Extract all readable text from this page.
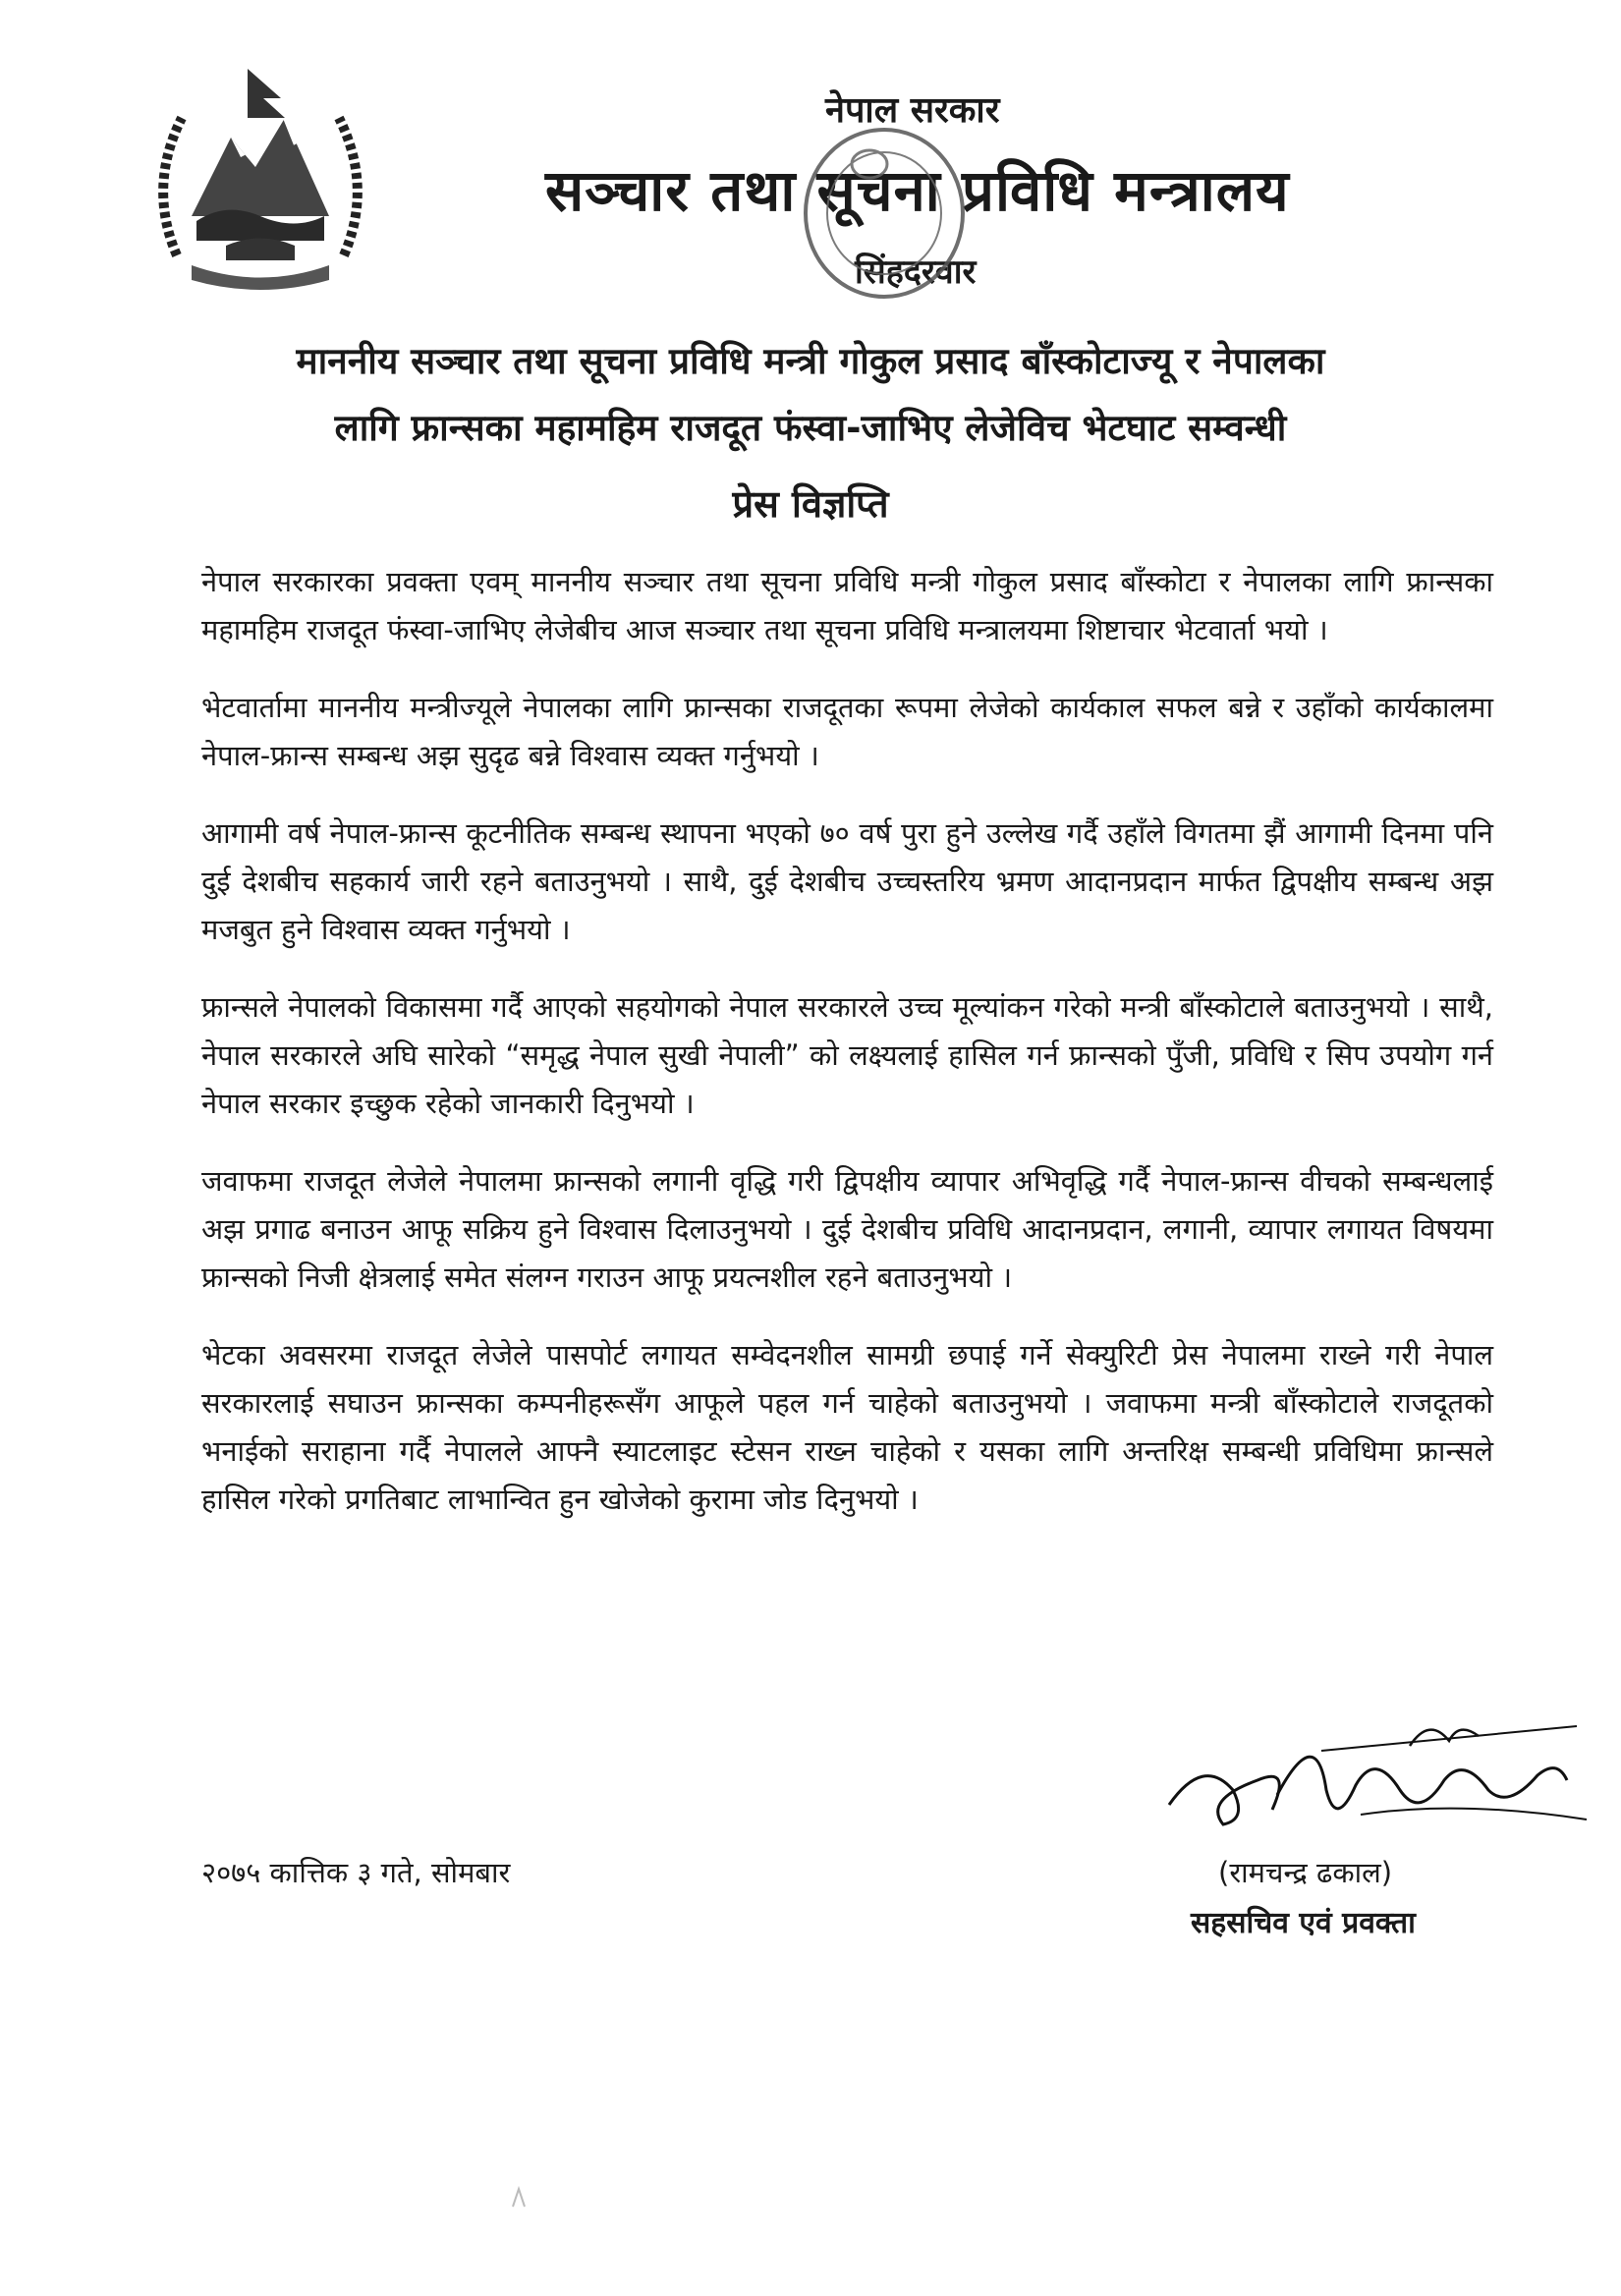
नेपाल सरकार
सञ्चार तथा सूचना प्रविधि मन्त्रालय
सिंहदरवार
माननीय सञ्चार तथा सूचना प्रविधि मन्त्री गोकुल प्रसाद बाँस्कोटाज्यू र नेपालका
लागि फ्रान्सका महामहिम राजदूत फंस्वा-जाभिए लेजेविच भेटघाट सम्वन्धी
प्रेस विज्ञप्ति

नेपाल सरकारका प्रवक्ता एवम् माननीय सञ्चार तथा सूचना प्रविधि मन्त्री गोकुल प्रसाद बाँस्कोटा र नेपालका लागि फ्रान्सका महामहिम राजदूत फंस्वा-जाभिए लेजेबीच आज सञ्चार तथा सूचना प्रविधि मन्त्रालयमा शिष्टाचार भेटवार्ता भयो ।

भेटवार्तामा माननीय मन्त्रीज्यूले नेपालका लागि फ्रान्सका राजदूतका रूपमा लेजेको कार्यकाल सफल बन्ने र उहाँको कार्यकालमा नेपाल-फ्रान्स सम्बन्ध अझ सुदृढ बन्ने विश्वास व्यक्त गर्नुभयो ।

आगामी वर्ष नेपाल-फ्रान्स कूटनीतिक सम्बन्ध स्थापना भएको ७० वर्ष पुरा हुने उल्लेख गर्दै उहाँले विगतमा झैं आगामी दिनमा पनि दुई देशबीच सहकार्य जारी रहने बताउनुभयो । साथै, दुई देशबीच उच्चस्तरिय भ्रमण आदानप्रदान मार्फत द्विपक्षीय सम्बन्ध अझ मजबुत हुने विश्वास व्यक्त गर्नुभयो ।

फ्रान्सले नेपालको विकासमा गर्दै आएको सहयोगको नेपाल सरकारले उच्च मूल्यांकन गरेको मन्त्री बाँस्कोटाले बताउनुभयो । साथै, नेपाल सरकारले अघि सारेको “समृद्ध नेपाल सुखी नेपाली” को लक्ष्यलाई हासिल गर्न फ्रान्सको पुँजी, प्रविधि र सिप उपयोग गर्न नेपाल सरकार इच्छुक रहेको जानकारी दिनुभयो ।

जवाफमा राजदूत लेजेले नेपालमा फ्रान्सको लगानी वृद्धि गरी द्विपक्षीय व्यापार अभिवृद्धि गर्दै नेपाल-फ्रान्स वीचको सम्बन्धलाई अझ प्रगाढ बनाउन आफू सक्रिय हुने विश्वास दिलाउनुभयो । दुई देशबीच प्रविधि आदानप्रदान, लगानी, व्यापार लगायत विषयमा फ्रान्सको निजी क्षेत्रलाई समेत संलग्न गराउन आफू प्रयत्नशील रहने बताउनुभयो ।

भेटका अवसरमा राजदूत लेजेले पासपोर्ट लगायत सम्वेदनशील सामग्री छपाई गर्ने सेक्युरिटी प्रेस नेपालमा राख्ने गरी नेपाल सरकारलाई सघाउन फ्रान्सका कम्पनीहरूसँग आफूले पहल गर्न चाहेको बताउनुभयो । जवाफमा मन्त्री बाँस्कोटाले राजदूतको भनाईको सराहाना गर्दै नेपालले आफ्नै स्याटलाइट स्टेसन राख्न चाहेको र यसका लागि अन्तरिक्ष सम्बन्धी प्रविधिमा फ्रान्सले हासिल गरेको प्रगतिबाट लाभान्वित हुन खोजेको कुरामा जोड दिनुभयो ।

२०७५ कात्तिक ३ गते, सोमबार	(रामचन्द्र ढकाल)
सहसचिव एवं प्रवक्ता
